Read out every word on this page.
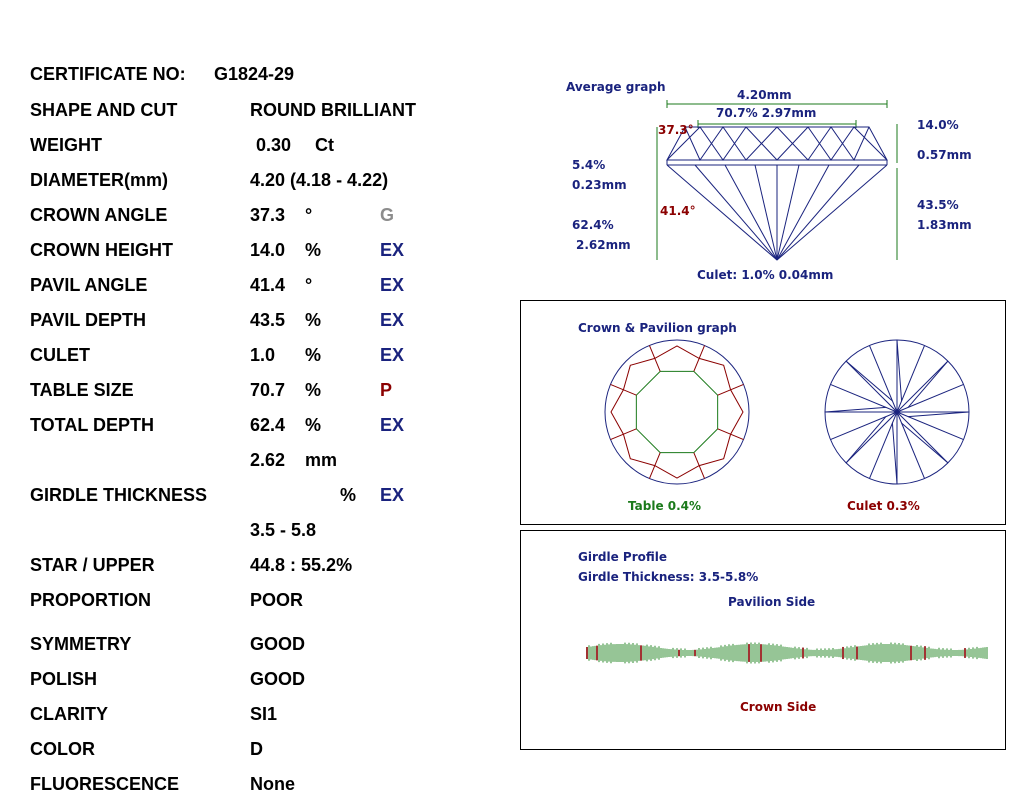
CERTIFICATE NO: G1824-29
SHAPE AND CUT	ROUND BRILLIANT
WEIGHT	0.30 Ct
DIAMETER(mm)	4.20 (4.18 - 4.22)
CROWN ANGLE	37.3 °	G
CROWN HEIGHT	14.0 %	EX
PAVIL ANGLE	41.4 °	EX
PAVIL DEPTH	43.5 %	EX
CULET	1.0 %	EX
TABLE SIZE	70.7 %	P
TOTAL DEPTH	62.4 %	EX
2.62 mm
GIRDLE THICKNESS	% EX
3.5 - 5.8
STAR / UPPER	44.8 : 55.2%
PROPORTION	POOR
SYMMETRY	GOOD
POLISH	GOOD
CLARITY	SI1
COLOR	D
FLUORESCENCE	None
Average graph
4.20mm
70.7% 2.97mm
37.3°
41.4°
14.0%
0.57mm
5.4%
0.23mm
62.4%
2.62mm
43.5%
1.83mm
Culet: 1.0% 0.04mm
Crown & Pavilion graph
Table 0.4%	Culet 0.3%
Girdle Profile
Girdle Thickness: 3.5-5.8%
Pavilion Side
Crown Side
